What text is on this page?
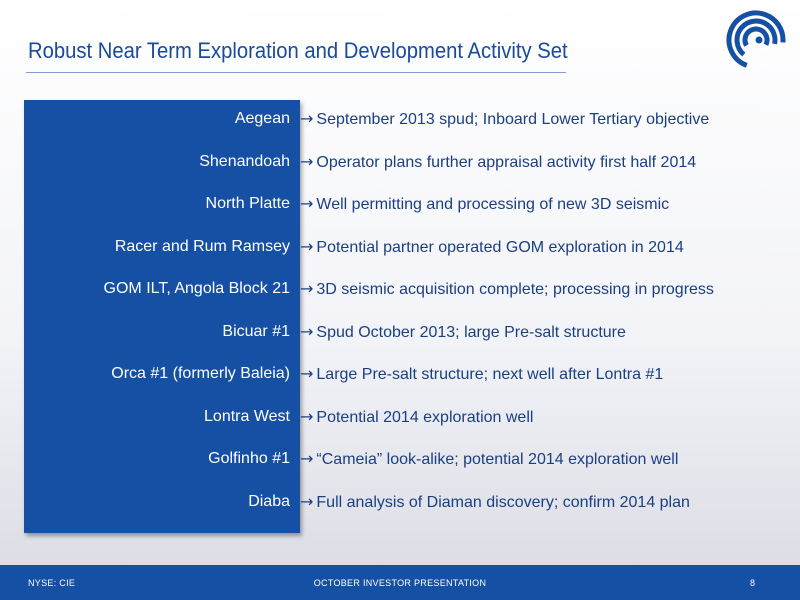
Robust Near Term Exploration and Development Activity Set
Aegean → September 2013 spud; Inboard Lower Tertiary objective
Shenandoah → Operator plans further appraisal activity first half 2014
North Platte → Well permitting and processing of new 3D seismic
Racer and Rum Ramsey → Potential partner operated GOM exploration in 2014
GOM ILT, Angola Block 21 → 3D seismic acquisition complete; processing in progress
Bicuar #1 → Spud October 2013; large Pre-salt structure
Orca #1 (formerly Baleia) → Large Pre-salt structure; next well after Lontra #1
Lontra West → Potential 2014 exploration well
Golfinho #1 → “Cameia” look-alike; potential 2014 exploration well
Diaba → Full analysis of Diaman discovery; confirm 2014 plan
NYSE: CIE	OCTOBER INVESTOR PRESENTATION	8
